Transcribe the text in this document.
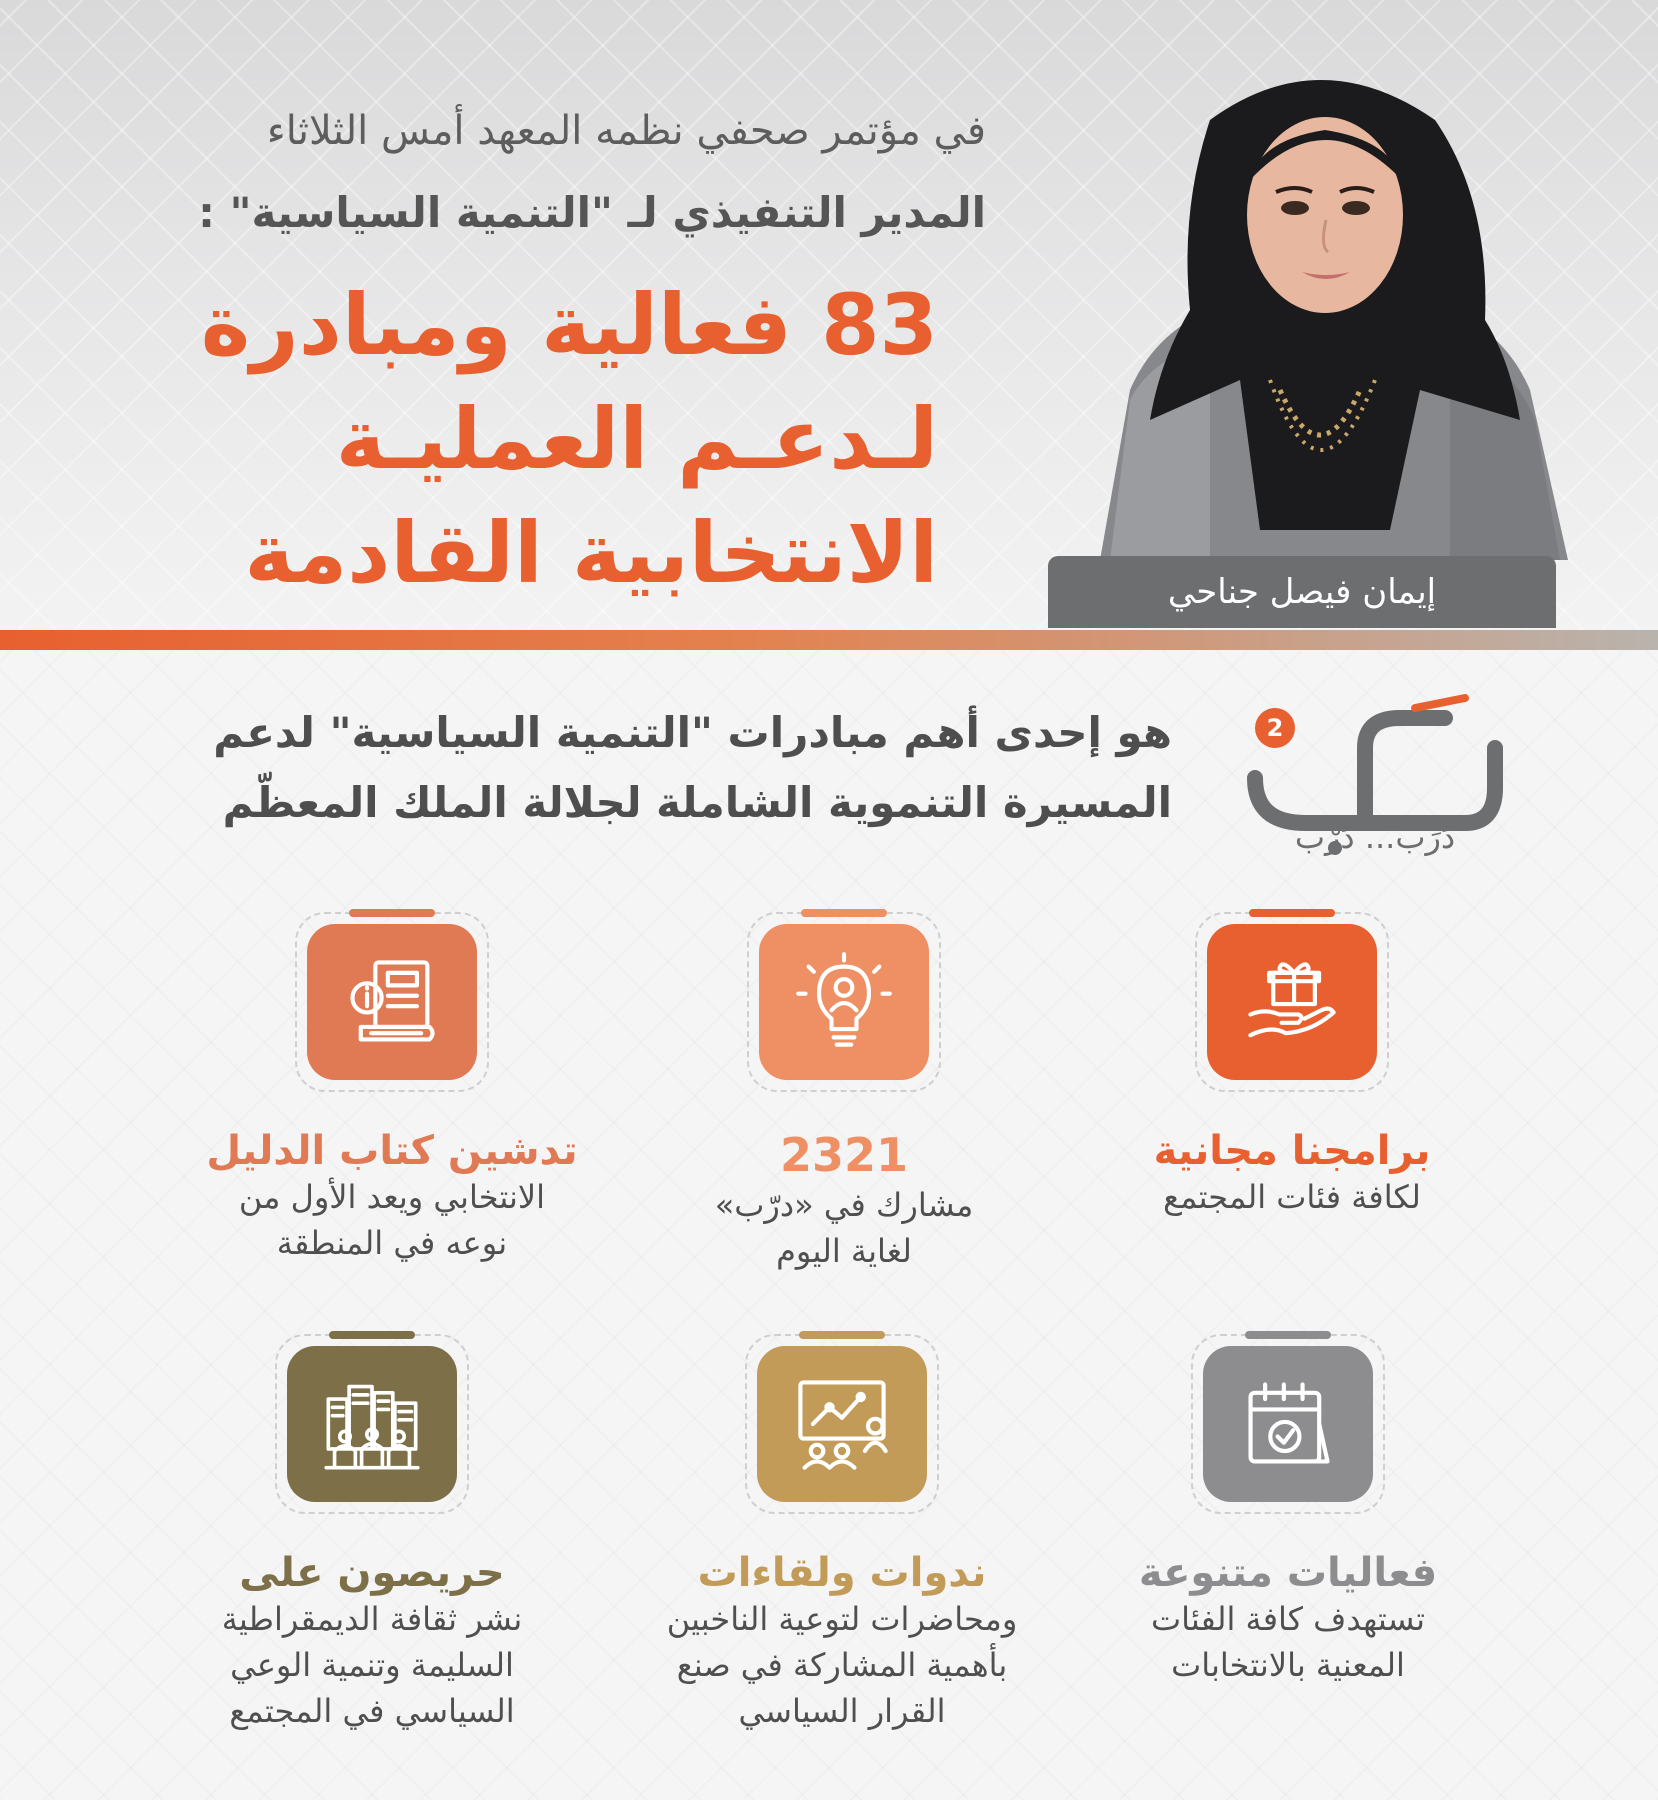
في مؤتمر صحفي نظمه المعهد أمس الثلاثاء
المدير التنفيذي لـ "التنمية السياسية" :
83 فعالية ومبادرة
لـدعـم العمليـة
الانتخابية القادمة	إيمان فيصل جناحي
2
دَرِّب... دَرْب
هو إحدى أهم مبادرات "التنمية السياسية" لدعم
المسيرة التنموية الشاملة لجلالة الملك المعظّم
برامجنا مجانية
لكافة فئات المجتمع
2321
مشارك في «درّب»
لغاية اليوم
تدشين كتاب الدليل
الانتخابي ويعد الأول من
نوعه في المنطقة
فعاليات متنوعة
تستهدف كافة الفئات
المعنية بالانتخابات
ندوات ولقاءات
ومحاضرات لتوعية الناخبين
بأهمية المشاركة في صنع
القرار السياسي
حريصون على
نشر ثقافة الديمقراطية
السليمة وتنمية الوعي
السياسي في المجتمع
